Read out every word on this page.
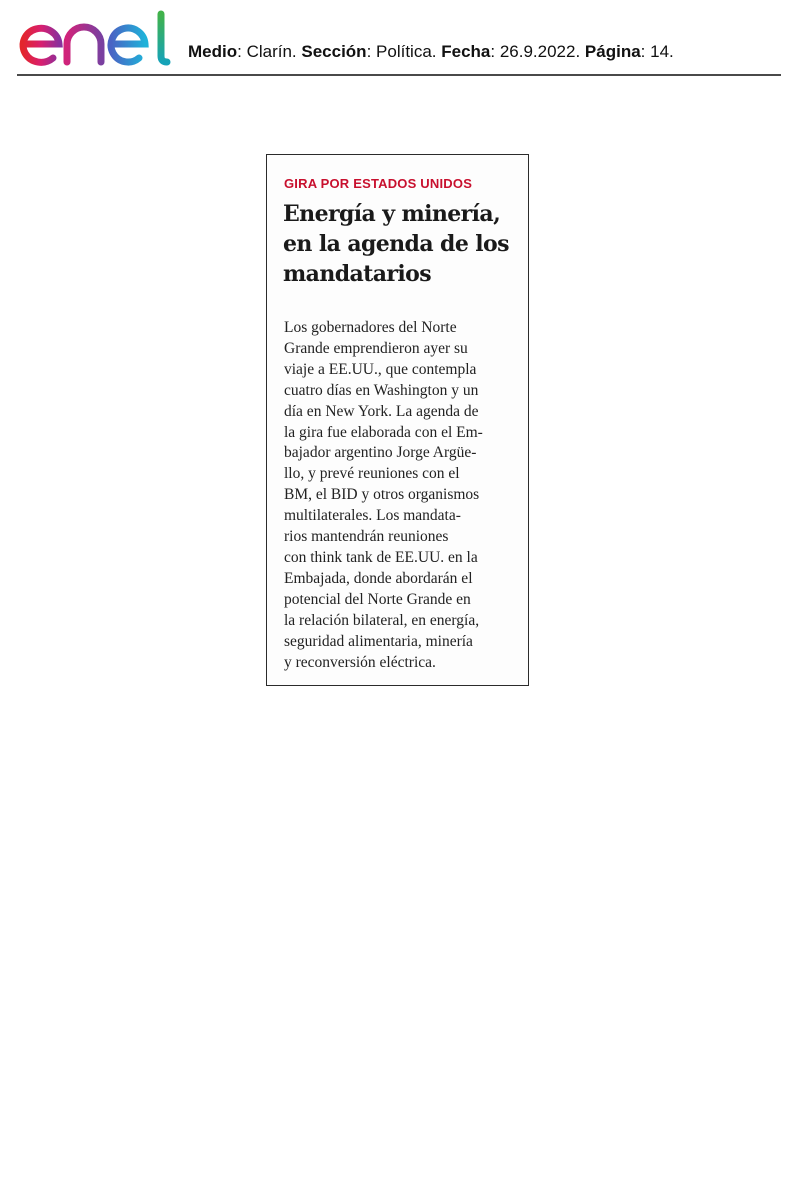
Medio: Clarín. Sección: Política. Fecha: 26.9.2022. Página: 14.
GIRA POR ESTADOS UNIDOS
Energía y minería,
en la agenda de los
mandatarios
Los gobernadores del Norte
Grande emprendieron ayer su
viaje a EE.UU., que contempla
cuatro días en Washington y un
día en New York. La agenda de
la gira fue elaborada con el Em-
bajador argentino Jorge Argüe-
llo, y prevé reuniones con el
BM, el BID y otros organismos
multilaterales. Los mandata-
rios mantendrán reuniones
con think tank de EE.UU. en la
Embajada, donde abordarán el
potencial del Norte Grande en
la relación bilateral, en energía,
seguridad alimentaria, minería
y reconversión eléctrica.
